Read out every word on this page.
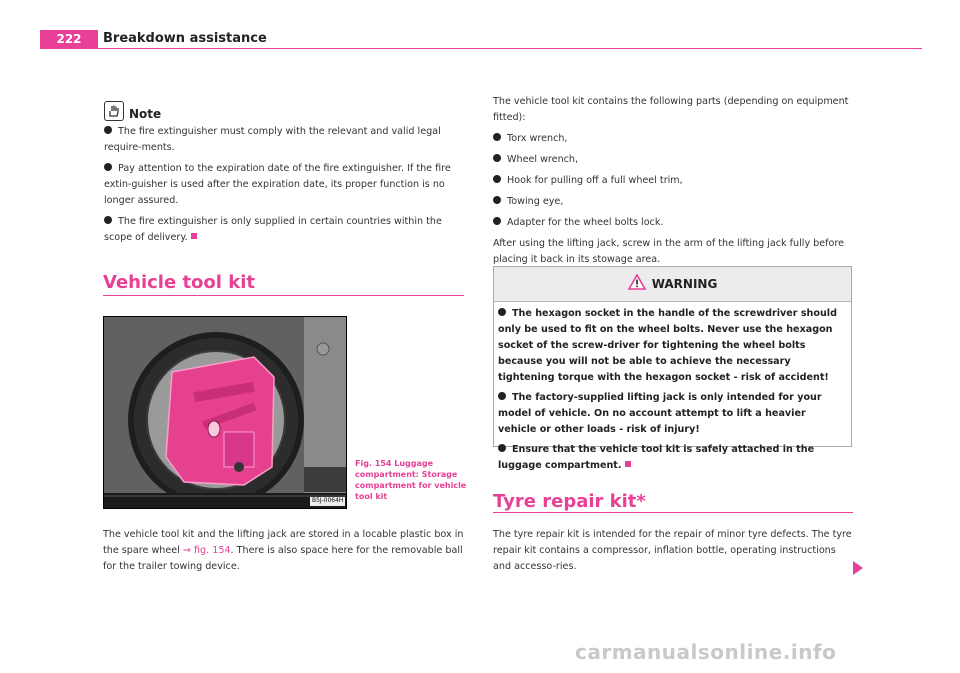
222	Breakdown assistance
Note
The fire extinguisher must comply with the relevant and valid legal require-ments.
Pay attention to the expiration date of the fire extinguisher. If the fire extin-guisher is used after the expiration date, its proper function is no longer assured.
The fire extinguisher is only supplied in certain countries within the scope of delivery.
Vehicle tool kit
B5J-0064H
Fig. 154 Luggage compartment: Storage compartment for vehicle tool kit

The vehicle tool kit and the lifting jack are stored in a locable plastic box in the spare wheel ⇒ fig. 154. There is also space here for the removable ball for the trailer towing device.

The vehicle tool kit contains the following parts (depending on equipment fitted):

Torx wrench,
Wheel wrench,
Hook for pulling off a full wheel trim,
Towing eye,
Adapter for the wheel bolts lock.

After using the lifting jack, screw in the arm of the lifting jack fully before placing it back in its stowage area.

WARNING
The hexagon socket in the handle of the screwdriver should only be used to fit on the wheel bolts. Never use the hexagon socket of the screw-driver for tightening the wheel bolts because you will not be able to achieve the necessary tightening torque with the hexagon socket - risk of accident!
The factory-supplied lifting jack is only intended for your model of vehicle. On no account attempt to lift a heavier vehicle or other loads - risk of injury!
Ensure that the vehicle tool kit is safely attached in the luggage compartment.
Tyre repair kit*

The tyre repair kit is intended for the repair of minor tyre defects. The tyre repair kit contains a compressor, inflation bottle, operating instructions and accesso-ries.

carmanualsonline.info
